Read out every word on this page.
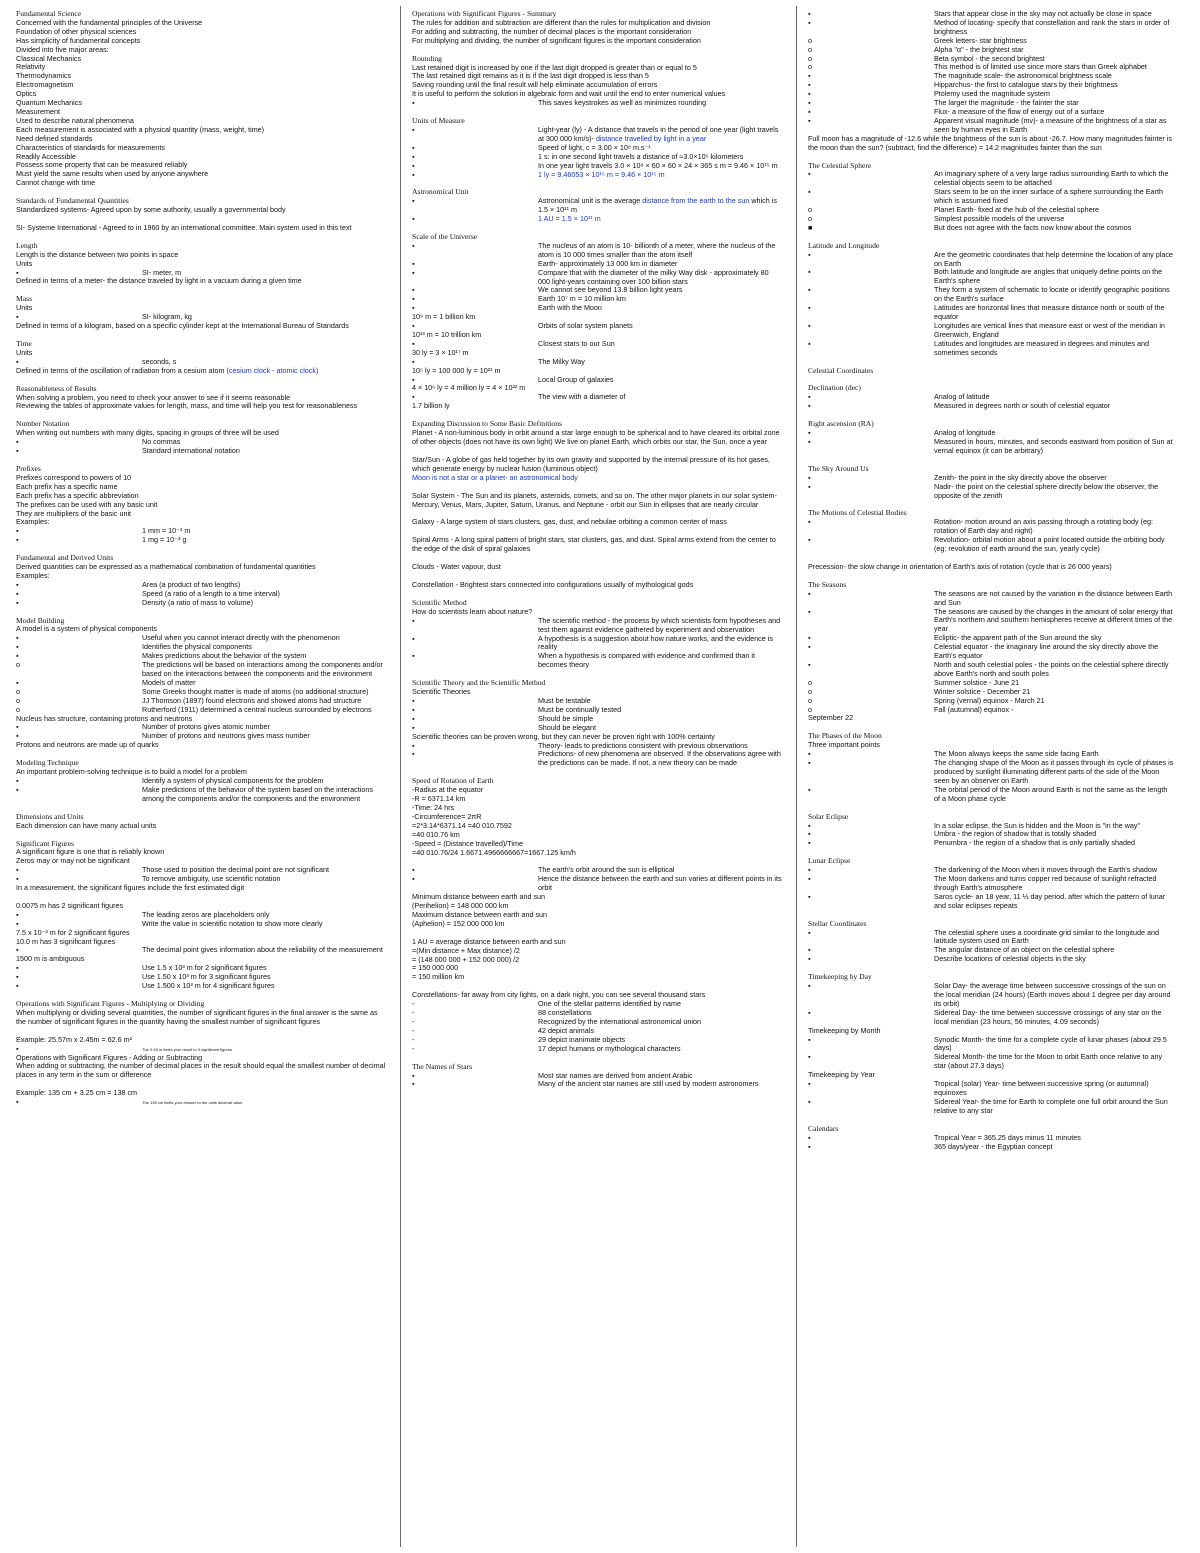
Fundamental Science
Concerned with the fundamental principles of the Universe
Foundation of other physical sciences
Has simplicity of fundamental concepts
Divided into five major areas:
Classical Mechanics
Relativity
Thermodynamics
Electromagnetism
Optics
Quantum Mechanics
Measurement
Used to describe natural phenomena
Each measurement is associated with a physical quantity (mass, weight, time)
Need defined standards
Characteristics of standards for measurements
Readily Accessible
Possess some property that can be measured reliably
Must yield the same results when used by anyone anywhere
Cannot change with time
Standards of Fundamental Quantities
Standardized systems- Agreed upon by some authority, usually a governmental body
SI- Systeme International - Agreed to in 1960 by an international committee. Main system used in this text
Length
Length is the distance between two points in space
Units
▪	SI- meter, m
Defined in terms of a meter- the distance traveled by light in a vacuum during a given time
Mass
Units
▪	SI- kilogram, kg
Defined in terms of a kilogram, based on a specific cylinder kept at the International Bureau of Standards
Time
Units
▪	seconds, s
Defined in terms of the oscillation of radiation from a cesium atom (cesium clock - atomic clock)
Reasonableness of Results
When solving a problem, you need to check your answer to see if it seems reasonable
Reviewing the tables of approximate values for length, mass, and time will help you test for reasonableness
Number Notation
When writing out numbers with many digits, spacing in groups of three will be used
▪	No commas
▪	Standard international notation
Prefixes
Prefixes correspond to powers of 10
Each prefix has a specific name
Each prefix has a specific abbreviation
The prefixes can be used with any basic unit
They are multipliers of the basic unit
Examples:
▪	1 mm = 10⁻³ m
▪	1 mg = 10⁻³ g
Fundamental and Derived Units
Derived quantities can be expressed as a mathematical combination of fundamental quantities
Examples:
▪	Area (a product of two lengths)
▪	Speed (a ratio of a length to a time interval)
▪	Density (a ratio of mass to volume)
Model Building
A model is a system of physical components
▪	Useful when you cannot interact directly with the phenomenon
▪	Identifies the physical components
▪	Makes predictions about the behavior of the system
o	The predictions will be based on interactions among the components and/or based on the interactions between the components and the environment
▪	Models of matter
o	Some Greeks thought matter is made of atoms (no additional structure)
o	JJ Thomson (1897) found electrons and showed atoms had structure
o	Rutherford (1911) determined a central nucleus surrounded by electrons
Nucleus has structure, containing protons and neutrons
▪	Number of protons gives atomic number
▪	Number of protons and neutrons gives mass number
Protons and neutrons are made up of quarks
Modeling Technique
An important problem-solving technique is to build a model for a problem
▪	Identify a system of physical components for the problem
▪	Make predictions of the behavior of the system based on the interactions among the components and/or the components and the environment
Dimensions and Units
Each dimension can have many actual units
Significant Figures
A significant figure is one that is reliably known
Zeros may or may not be significant
▪	Those used to position the decimal point are not significant
▪	To remove ambiguity, use scientific notation
In a measurement, the significant figures include the first estimated digit
0.0075 m has 2 significant figures
▪	The leading zeros are placeholders only
▪	Write the value in scientific notation to show more clearly
7.5 x 10⁻³ m for 2 significant figures
10.0 m has 3 significant figures
▪	The decimal point gives information about the reliability of the measurement
1500 m is ambiguous
▪	Use 1.5 x 10³ m for 2 significant figures
▪	Use 1.50 x 10³ m for 3 significant figures
▪	Use 1.500 x 10³ m for 4 significant figures
Operations with Significant Figures - Multiplying or Dividing
When multiplying or dividing several quantities, the number of significant figures in the final answer is the same as the number of significant figures in the quantity having the smallest number of significant figures
Example: 25.57m x 2.45m = 62.6 m²
▪	The 2.45 m limits your result to 3 significant figures
Operations with Significant Figures - Adding or Subtracting
When adding or subtracting, the number of decimal places in the result should equal the smallest number of decimal places in any term in the sum or difference
Example: 135 cm + 3.25 cm = 138 cm
▪	The 135 cm limits your answer to the units decimal value
Operations with Significant Figures - Summary
The rules for addition and subtraction are different than the rules for multiplication and division
For adding and subtracting, the number of decimal places is the important consideration
For multiplying and dividing, the number of significant figures is the important consideration
Rounding
Last retained digit is increased by one if the last digit dropped is greater than or equal to 5
The last retained digit remains as it is if the last digit dropped is less than 5
Saving rounding until the final result will help eliminate accumulation of errors
It is useful to perform the solution in algebraic form and wait until the end to enter numerical values
▪	This saves keystrokes as well as minimizes rounding
Units of Measure
▪	Light-year (ly) - A distance that travels in the period of one year (light travels at 300 000 km/s)- distance travelled by light in a year
▪	Speed of light, c = 3.00 × 10⁸ m.s⁻¹
▪	1 s: in one second light travels a distance of ≈3.0×10⁵ kilometers
▪	In one year light travels 3.0 × 10⁸ × 60 × 60 × 24 × 365 s m = 9.46 × 10¹⁵ m
▪	1 ly = 9.46053 × 10¹⁵ m = 9.46 × 10¹⁵ m
Astronomical Unit
▪	Astronomical unit is the average distance from the earth to the sun which is 1.5 × 10¹¹ m
▪	1 AU = 1.5 × 10¹¹ m
Scale of the Universe
▪	The nucleus of an atom is 10- billionth of a meter, where the nucleus of the atom is 10 000 times smaller than the atom itself
▪	Earth- approximately 13 000 km in diameter
▪	Compare that with the diameter of the milky Way disk - approximately 80 000 light-years containing over 100 billion stars
▪	We cannot see beyond 13.8 billion light years
▪	Earth 10⁷ m = 10 million km
▪	Earth with the Moon
10⁹ m = 1 billion km
▪	Orbits of solar system planets
10¹³ m = 10 trillion km
▪	Closest stars to our Sun
30 ly = 3 × 10¹⁷ m
▪	The Milky Way
10⁵ ly = 100 000 ly = 10²¹ m
▪	Local Group of galaxies
4 × 10⁶ ly = 4 million ly = 4 × 10²² m
▪	The view with a diameter of
1.7 billion ly
Expanding Discussion to Some Basic Definitions
Planet - A non-luminous body in orbit around a star large enough to be spherical and to have cleared its orbital zone of other objects (does not have its own light) We live on planet Earth, which orbits our star, the Sun, once a year
Star/Sun - A globe of gas held together by its own gravity and supported by the internal pressure of its hot gases, which generate energy by nuclear fusion (luminous object)
Moon is not a star or a planet- an astronomical body
Solar System - The Sun and its planets, asteroids, comets, and so on. The other major planets in our solar system- Mercury, Venus, Mars, Jupiter, Saturn, Uranus, and Neptune - orbit our Sun in ellipses that are nearly circular
Galaxy - A large system of stars clusters, gas, dust, and nebulae orbiting a common center of mass
Spiral Arms - A long spiral pattern of bright stars, star clusters, gas, and dust. Spiral arms extend from the center to the edge of the disk of spiral galaxies
Clouds - Water vapour, dust
Constellation - Brightest stars connected into configurations usually of mythological gods
Scientific Method
How do scientists learn about nature?
▪	The scientific method - the process by which scientists form hypotheses and test them against evidence gathered by experiment and observation
▪	A hypothesis is a suggestion about how nature works, and the evidence is reality
▪	When a hypothesis is compared with evidence and confirmed than it becomes theory
Scientific Theory and the Scientific Method
Scientific Theories
▪	Must be testable
▪	Must be continually tested
▪	Should be simple
▪	Should be elegant
Scientific theories can be proven wrong, but they can never be proven right with 100% certainty
▪	Theory- leads to predictions consistent with previous observations
▪	Predictions- of new phenomena are observed. If the observations agree with the predictions can be made. If not, a new theory can be made
Speed of Rotation of Earth
-Radius at the equator
-R = 6371.14 km
-Time: 24 hrs
-Circumference= 2πR
=2*3.14*6371.14 =40 010.7592
=40 010.76 km
-Speed = (Distance travelled)/Time
=40 010.76/24 1.6671.4966666667=1667.125 km/h
▪	The earth's orbit around the sun is elliptical
▪	Hence the distance between the earth and sun varies at different points in its orbit
Minimum distance between earth and sun
(Perihelion) = 148 000 000 km
Maximum distance between earth and sun
(Aphelion) = 152 000 000 km
1 AU = average distance between earth and sun
=(Min distance + Max distance) /2
= (148 000 000 + 152 000 000) /2
= 150 000 000
= 150 million km
Constellations- far away from city lights, on a dark night, you can see several thousand stars
-	One of the stellar patterns identified by name
-	88 constellations
-	Recognized by the international astronomical union
-	42 depict animals
-	29 depict inanimate objects
-	17 depict humans or mythological characters
The Names of Stars
▪	Most star names are derived from ancient Arabic
▪	Many of the ancient star names are still used by modern astronomers
▪	Stars that appear close in the sky may not actually be close in space
▪	Method of locating- specify that constellation and rank the stars in order of brightness
o	Greek letters- star brightness
o	Alpha "α" - the brightest star
o	Beta symbol - the second brightest
o	This method is of limited use since more stars than Greek alphabet
▪	The magnitude scale- the astronomical brightness scale
▪	Hipparchus- the first to catalogue stars by their brightness
▪	Ptolemy used the magnitude system
▪	The larger the magnitude - the fainter the star
▪	Flux- a measure of the flow of energy out of a surface
▪	Apparent visual magnitude (mv)- a measure of the brightness of a star as seen by human eyes in Earth
Full moon has a magnitude of -12.6 while the brightness of the sun is about -26.7. How many magnitudes fainter is the moon than the sun? (subtract, find the difference) = 14.2 magnitudes fainter than the sun
The Celestial Sphere
▪	An imaginary sphere of a very large radius surrounding Earth to which the celestial objects seem to be attached
▪	Stars seem to be on the inner surface of a sphere surrounding the Earth which is assumed fixed
o	Planet Earth- fixed at the hub of the celestial sphere
o	Simplest possible models of the universe
■	But does not agree with the facts now know about the cosmos
Latitude and Longitude
▪	Are the geometric coordinates that help determine the location of any place on Earth
▪	Both latitude and longitude are angles that uniquely define points on the Earth's sphere
▪	They form a system of schematic to locate or identify geographic positions on the Earth's surface
▪	Latitudes are horizontal lines that measure distance north or south of the equator
▪	Longitudes are vertical lines that measure east or west of the meridian in Greenwich, England
▪	Latitudes and longitudes are measured in degrees and minutes and sometimes seconds
Celestial Coordinates
Declination (dec)
▪	Analog of latitude
▪	Measured in degrees north or south of celestial equator
Right ascension (RA)
▪	Analog of longitude
▪	Measured in hours, minutes, and seconds eastward from position of Sun at vernal equinox (it can be arbitrary)
The Sky Around Us
▪	Zenith- the point in the sky directly above the observer
▪	Nadir- the point on the celestial sphere directly below the observer, the opposite of the zenith
The Motions of Celestial Bodies
▪	Rotation- motion around an axis passing through a rotating body (eg: rotation of Earth day and night)
▪	Revolution- orbital motion about a point located outside the orbiting body (eg: revolution of earth around the sun, yearly cycle)
Precession- the slow change in orientation of Earth's axis of rotation (cycle that is 26 000 years)
The Seasons
▪	The seasons are not caused by the variation in the distance between Earth and Sun
▪	The seasons are caused by the changes in the amount of solar energy that Earth's northern and southern hemispheres receive at different times of the year
▪	Ecliptic- the apparent path of the Sun around the sky
▪	Celestial equator - the imaginary line around the sky directly above the Earth's equator
▪	North and south celestial poles - the points on the celestial sphere directly above Earth's north and south poles
o	Summer solstice - June 21
o	Winter solstice - December 21
o	Spring (vernal) equinox - March 21
o	Fall (autumnal) equinox -
September 22
The Phases of the Moon
Three important points
▪	The Moon always keeps the same side facing Earth
▪	The changing shape of the Moon as it passes through its cycle of phases is produced by sunlight illuminating different parts of the side of the Moon seen by an observer on Earth
▪	The orbital period of the Moon around Earth is not the same as the length of a Moon phase cycle
Solar Eclipse
▪	In a solar eclipse, the Sun is hidden and the Moon is "in the way"
▪	Umbra - the region of shadow that is totally shaded
▪	Penumbra - the region of a shadow that is only partially shaded
Lunar Eclipse
▪	The darkening of the Moon when it moves through the Earth's shadow
▪	The Moon darkens and turns copper red because of sunlight refracted through Earth's atmosphere
▪	Saros cycle- an 18 year, 11 ⅓ day period, after which the pattern of lunar and solar eclipses repeats
Stellar Coordinates
▪	The celestial sphere uses a coordinate grid similar to the longitude and latitude system used on Earth
▪	The angular distance of an object on the celestial sphere
▪	Describe locations of celestial objects in the sky
Timekeeping by Day
▪	Solar Day- the average time between successive crossings of the sun on the local meridian (24 hours) (Earth moves about 1 degree per day around its orbit)
▪	Sidereal Day- the time between successive crossings of any star on the local meridian (23 hours, 56 minutes, 4.09 seconds)
Timekeeping by Month
▪	Synodic Month- the time for a complete cycle of lunar phases (about 29.5 days)
▪	Sidereal Month- the time for the Moon to orbit Earth once relative to any star (about 27.3 days)
Timekeeping by Year
▪	Tropical (solar) Year- time between successive spring (or autumnal) equinoxes
▪	Sidereal Year- the time for Earth to complete one full orbit around the Sun relative to any star
Calendars
▪	Tropical Year = 365.25 days minus 11 minutes
▪	365 days/year - the Egyptian concept
